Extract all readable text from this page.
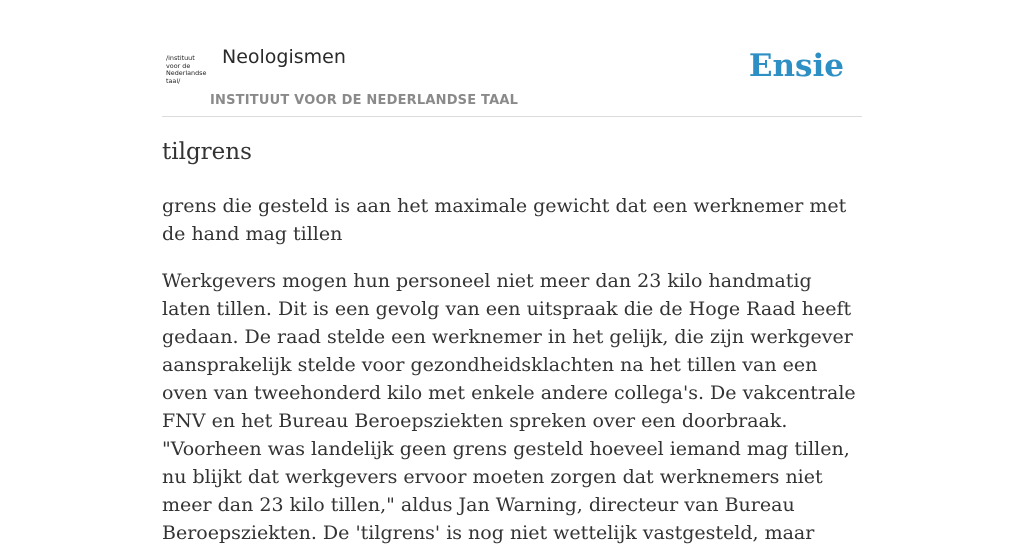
/instituut
voor de
Nederlandse
taal/
Neologismen
INSTITUUT VOOR DE NEDERLANDSE TAAL
Ensie
tilgrens

grens die gesteld is aan het maximale gewicht dat een werknemer met de hand mag tillen

Werkgevers mogen hun personeel niet meer dan 23 kilo handmatig laten tillen. Dit is een gevolg van een uitspraak die de Hoge Raad heeft gedaan. De raad stelde een werknemer in het gelijk, die zijn werkgever aansprakelijk stelde voor gezondheidsklachten na het tillen van een oven van tweehonderd kilo met enkele andere collega's. De vakcentrale FNV en het Bureau Beroepsziekten spreken over een doorbraak. "Voorheen was landelijk geen grens gesteld hoeveel iemand mag tillen, nu blijkt dat werkgevers ervoor moeten zorgen dat werknemers niet meer dan 23 kilo tillen," aldus Jan Warning, directeur van Bureau Beroepsziekten. De 'tilgrens' is nog niet wettelijk vastgesteld, maar
